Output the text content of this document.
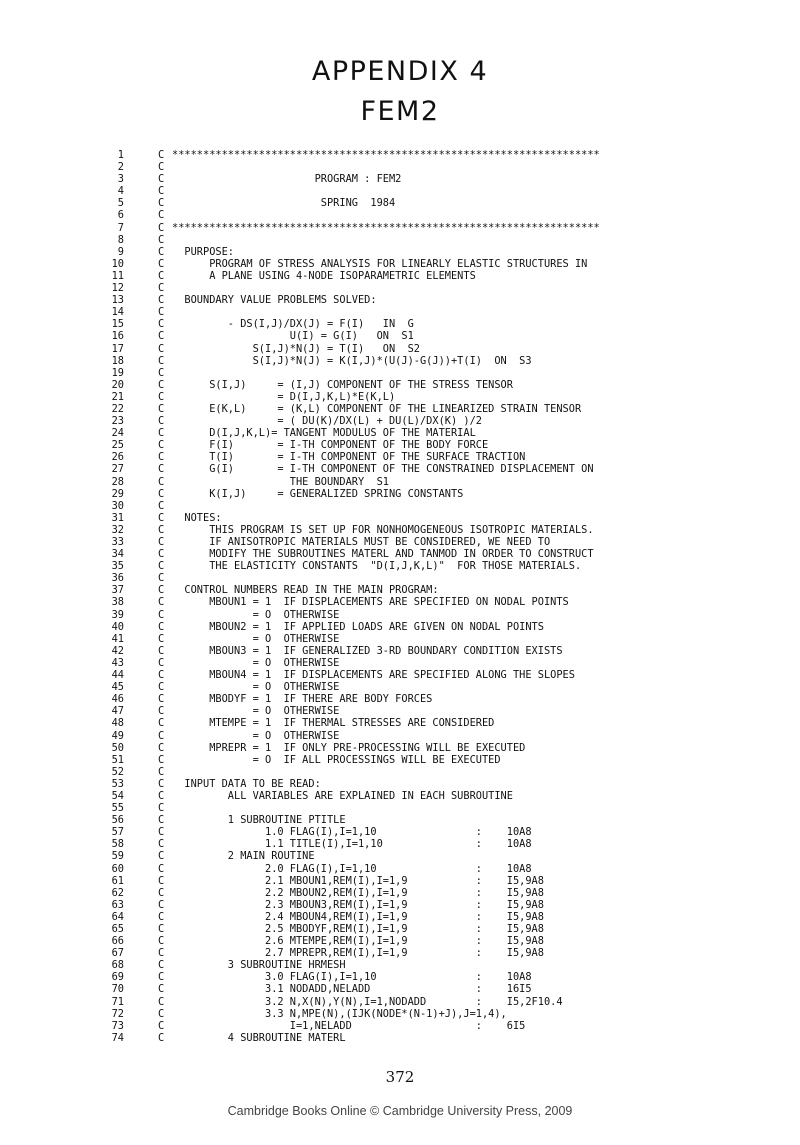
APPENDIX 4
FEM2
1	C *********************************************************************
2	C
3	C PROGRAM : FEM2
4	C
5	C SPRING  1984
6	C
7	C *********************************************************************
8	C
9	C PURPOSE:
10	C PROGRAM OF STRESS ANALYSIS FOR LINEARLY ELASTIC STRUCTURES IN
11	C A PLANE USING 4-NODE ISOPARAMETRIC ELEMENTS
12	C
13	C BOUNDARY VALUE PROBLEMS SOLVED:
14	C
15	C - DS(I,J)/DX(J) = F(I)   IN  G
16	C U(I) = G(I)   ON  S1
17	C S(I,J)*N(J) = T(I)   ON  S2
18	C S(I,J)*N(J) = K(I,J)*(U(J)-G(J))+T(I)  ON  S3
19	C
20	C S(I,J)     = (I,J) COMPONENT OF THE STRESS TENSOR
21	C = D(I,J,K,L)*E(K,L)
22	C E(K,L)     = (K,L) COMPONENT OF THE LINEARIZED STRAIN TENSOR
23	C = ( DU(K)/DX(L) + DU(L)/DX(K) )/2
24	C D(I,J,K,L)= TANGENT MODULUS OF THE MATERIAL
25	C F(I)       = I-TH COMPONENT OF THE BODY FORCE
26	C T(I)       = I-TH COMPONENT OF THE SURFACE TRACTION
27	C G(I)       = I-TH COMPONENT OF THE CONSTRAINED DISPLACEMENT ON
28	C THE BOUNDARY  S1
29	C K(I,J)     = GENERALIZED SPRING CONSTANTS
30	C
31	C NOTES:
32	C THIS PROGRAM IS SET UP FOR NONHOMOGENEOUS ISOTROPIC MATERIALS.
33	C IF ANISOTROPIC MATERIALS MUST BE CONSIDERED, WE NEED TO
34	C MODIFY THE SUBROUTINES MATERL AND TANMOD IN ORDER TO CONSTRUCT
35	C THE ELASTICITY CONSTANTS  "D(I,J,K,L)"  FOR THOSE MATERIALS.
36	C
37	C CONTROL NUMBERS READ IN THE MAIN PROGRAM:
38	C MBOUN1 = 1  IF DISPLACEMENTS ARE SPECIFIED ON NODAL POINTS
39	C = O  OTHERWISE
40	C MBOUN2 = 1  IF APPLIED LOADS ARE GIVEN ON NODAL POINTS
41	C = O  OTHERWISE
42	C MBOUN3 = 1  IF GENERALIZED 3-RD BOUNDARY CONDITION EXISTS
43	C = O  OTHERWISE
44	C MBOUN4 = 1  IF DISPLACEMENTS ARE SPECIFIED ALONG THE SLOPES
45	C = O  OTHERWISE
46	C MBODYF = 1  IF THERE ARE BODY FORCES
47	C = O  OTHERWISE
48	C MTEMPE = 1  IF THERMAL STRESSES ARE CONSIDERED
49	C = O  OTHERWISE
50	C MPREPR = 1  IF ONLY PRE-PROCESSING WILL BE EXECUTED
51	C = O  IF ALL PROCESSINGS WILL BE EXECUTED
52	C
53	C INPUT DATA TO BE READ:
54	C ALL VARIABLES ARE EXPLAINED IN EACH SUBROUTINE
55	C
56	C 1 SUBROUTINE PTITLE
57	C 1.0 FLAG(I),I=1,10                :    10A8
58	C 1.1 TITLE(I),I=1,10               :    10A8
59	C 2 MAIN ROUTINE
60	C 2.0 FLAG(I),I=1,10                :    10A8
61	C 2.1 MBOUN1,REM(I),I=1,9           :    I5,9A8
62	C 2.2 MBOUN2,REM(I),I=1,9           :    I5,9A8
63	C 2.3 MBOUN3,REM(I),I=1,9           :    I5,9A8
64	C 2.4 MBOUN4,REM(I),I=1,9           :    I5,9A8
65	C 2.5 MBODYF,REM(I),I=1,9           :    I5,9A8
66	C 2.6 MTEMPE,REM(I),I=1,9           :    I5,9A8
67	C 2.7 MPREPR,REM(I),I=1,9           :    I5,9A8
68	C 3 SUBROUTINE HRMESH
69	C 3.0 FLAG(I),I=1,10                :    10A8
70	C 3.1 NODADD,NELADD                 :    16I5
71	C 3.2 N,X(N),Y(N),I=1,NODADD        :    I5,2F10.4
72	C 3.3 N,MPE(N),(IJK(NODE*(N-1)+J),J=1,4),
73	C I=1,NELADD                    :    6I5
74	C 4 SUBROUTINE MATERL
372
Cambridge Books Online © Cambridge University Press, 2009
